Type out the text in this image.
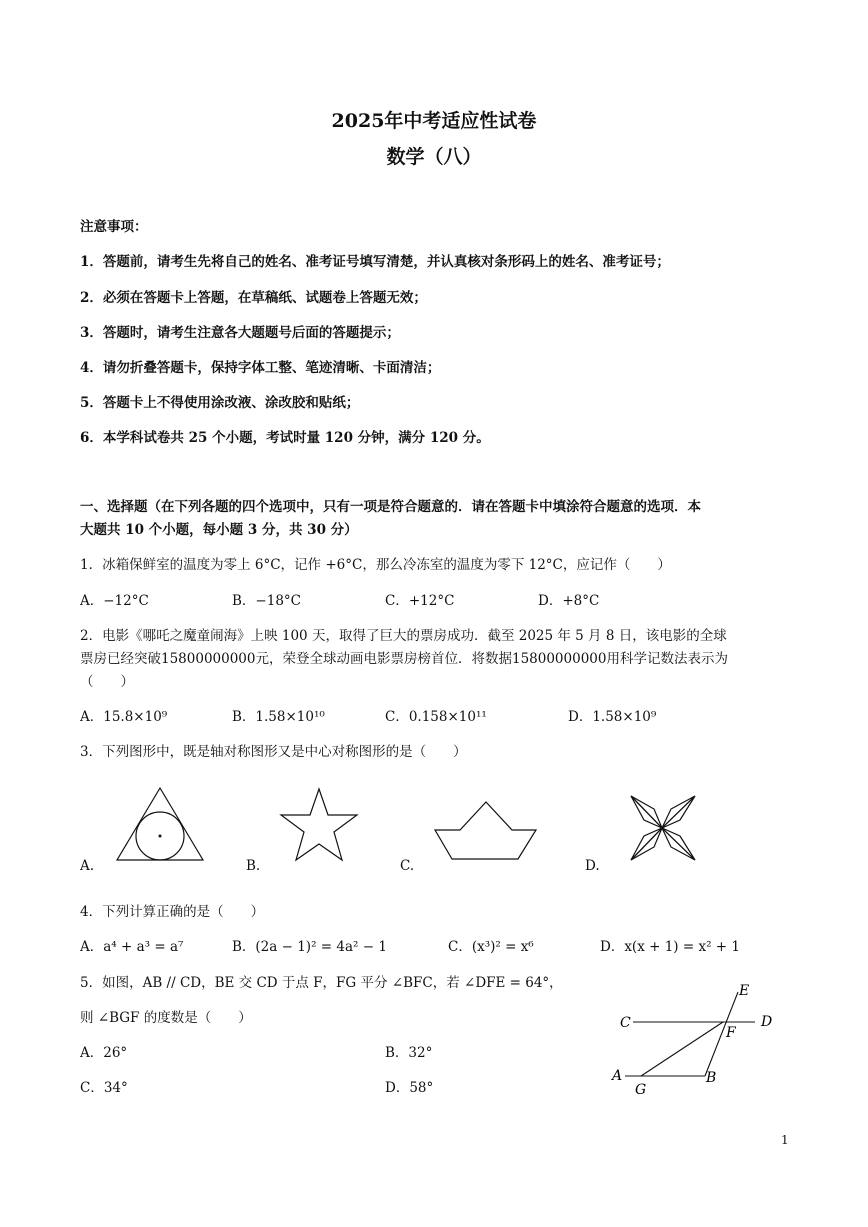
2025年中考适应性试卷
数学（八）
注意事项：
1．答题前，请考生先将自己的姓名、准考证号填写清楚，并认真核对条形码上的姓名、准考证号；
2．必须在答题卡上答题，在草稿纸、试题卷上答题无效；
3．答题时，请考生注意各大题题号后面的答题提示；
4．请勿折叠答题卡，保持字体工整、笔迹清晰、卡面清洁；
5．答题卡上不得使用涂改液、涂改胶和贴纸；
6．本学科试卷共 25 个小题，考试时量 120 分钟，满分 120 分。
一、选择题（在下列各题的四个选项中，只有一项是符合题意的．请在答题卡中填涂符合题意的选项．本
大题共 10 个小题，每小题 3 分，共 30 分）
1．冰箱保鲜室的温度为零上 6°C，记作 +6°C，那么冷冻室的温度为零下 12°C，应记作（　　）
A．−12°C	B．−18°C	C．+12°C	D．+8°C
2．电影《哪吒之魔童闹海》上映 100 天，取得了巨大的票房成功．截至 2025 年 5 月 8 日，该电影的全球
票房已经突破15800000000元，荣登全球动画电影票房榜首位．将数据15800000000用科学记数法表示为
（　　）
A．15.8×10⁹	B．1.58×10¹⁰	C．0.158×10¹¹	D．1.58×10⁹
3．下列图形中，既是轴对称图形又是中心对称图形的是（　　）
A.	B.	C.	D.
4．下列计算正确的是（　　）
A．a⁴ + a³ = a⁷	B．(2a − 1)² = 4a² − 1	C．(x³)² = x⁶	D．x(x + 1) = x² + 1
5．如图，AB // CD，BE 交 CD 于点 F，FG 平分 ∠BFC，若 ∠DFE = 64°，
则 ∠BGF 的度数是（　　）
A．26°	B．32°
C．34°	D．58°
E
C
F
D
A
G
B
1
